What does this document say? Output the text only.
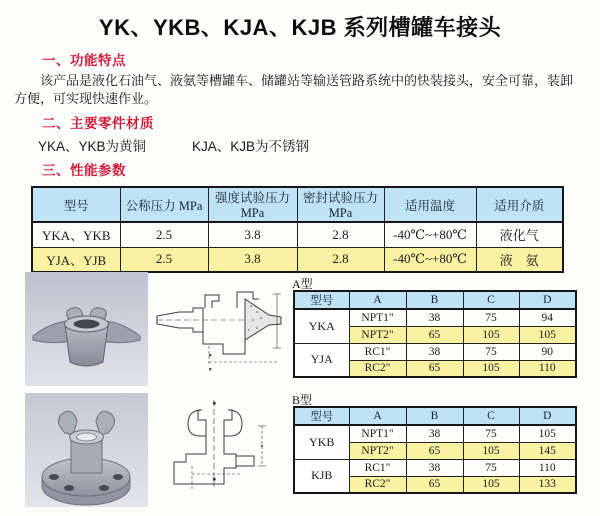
YK、YKB、KJA、KJB 系列槽罐车接头
一、功能特点
该产品是液化石油气、液氨等槽罐车、储罐站等输送管路系统中的快装接头，安全可靠，装卸
方便，可实现快速作业。
二、主要零件材质
YKA、YKB为黄铜	KJA、KJB为不锈钢
三、性能参数
型号	公称压力 MPa	强度试验压力MPa	密封试验压力MPa	适用温度	适用介质
YKA、YKB	2.5	3.8	2.8	-40℃~+80℃	液化气
YJA、YJB	2.5	3.8	2.8	-40℃~+80℃	液　氨
A型
型号	A	B	C	D
YKA	NPT1"	38	75	94
	NPT2"	65	105	105
YJA	RC1"	38	75	90
	RC2"	65	105	110
B型
型号	A	B	C	D
YKB	NPT1"	38	75	105
	NPT2"	65	105	145
KJB	RC1"	38	75	110
	RC2"	65	105	133
